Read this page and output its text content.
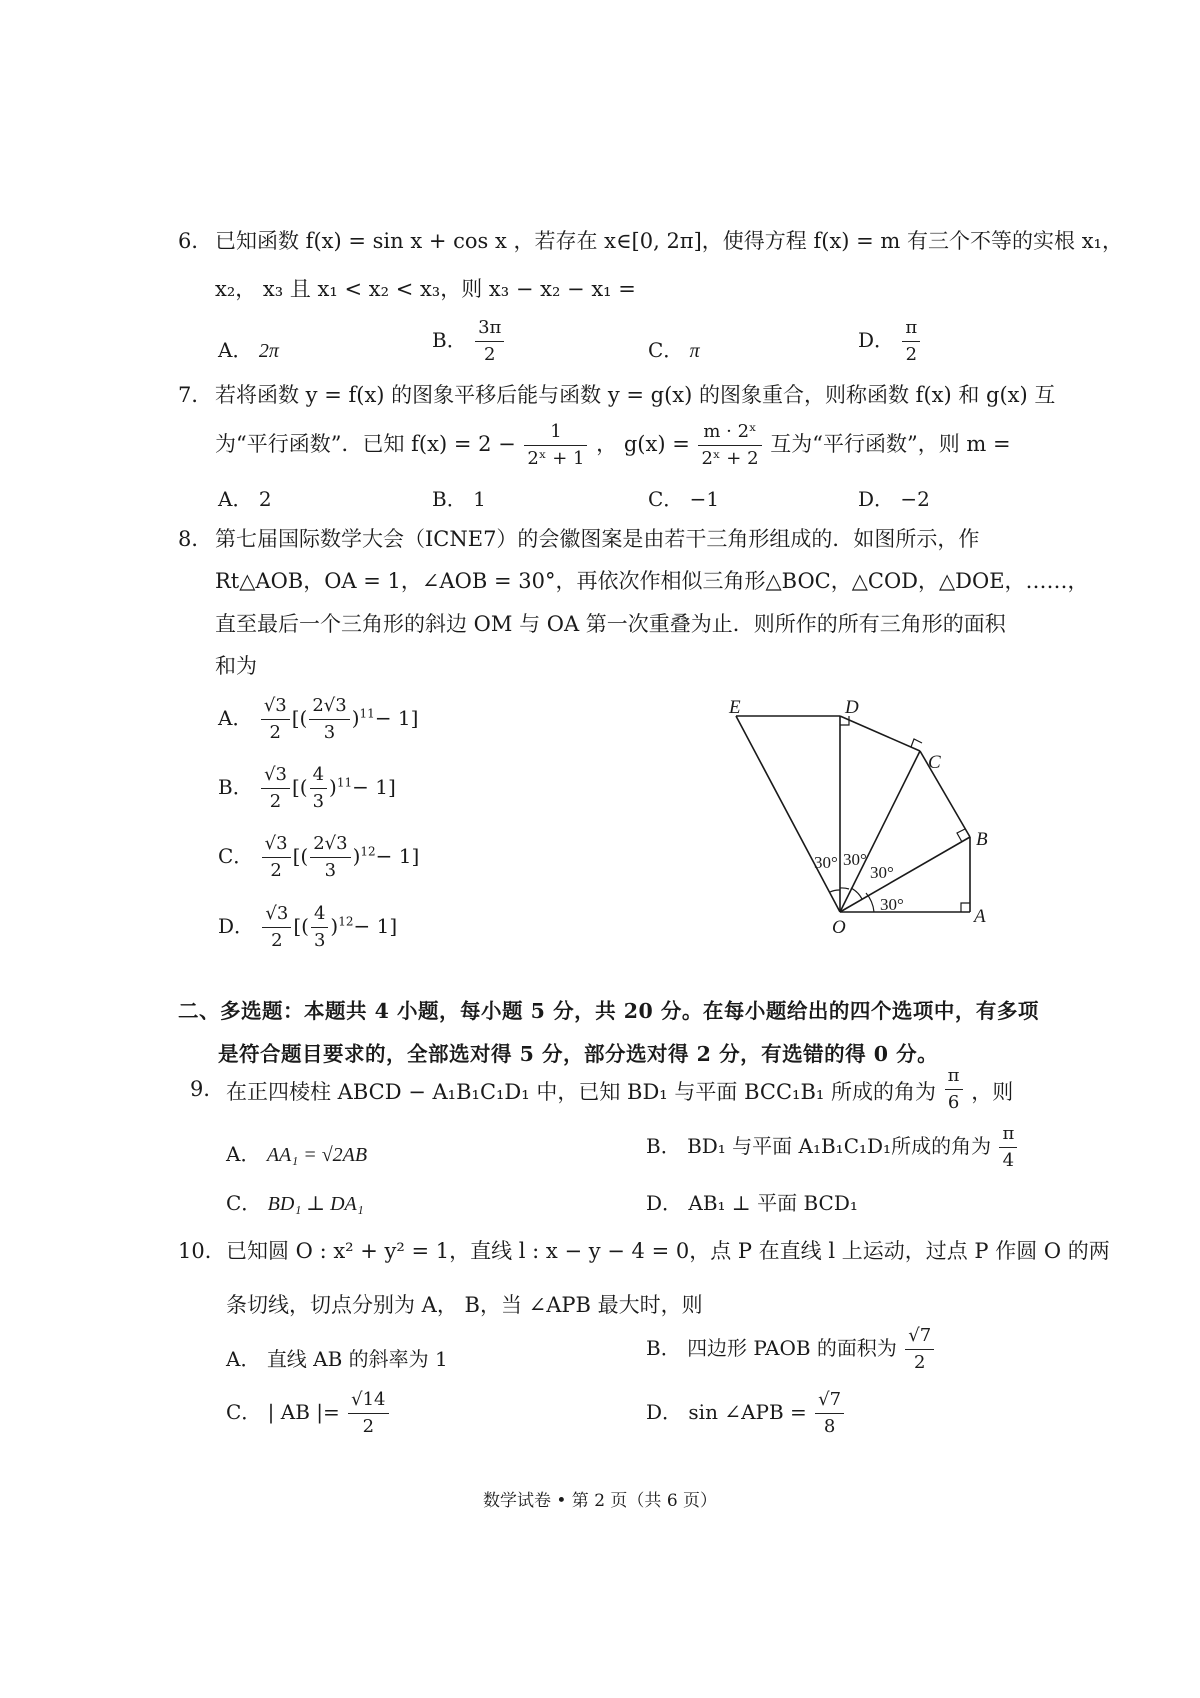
6． 已知函数 f(x) = sin x + cos x ，若存在 x∈[0, 2π]，使得方程 f(x) = m 有三个不等的实根 x₁，
x₂， x₃ 且 x₁ < x₂ < x₃，则 x₃ − x₂ − x₁ =
A． 2π	B． $\frac{3\pi}{2}$	C． π	D． $\frac{\pi}{2}$
7． 若将函数 y = f(x) 的图象平移后能与函数 y = g(x) 的图象重合，则称函数 f(x) 和 g(x) 互
为“平行函数”．已知 $f(x) = 2 - \frac{1}{\text{2ˣ + 1}}$ ， $g(x) = \frac{\text{m · 2ˣ}}{\text{2ˣ + 2}}$ 互为“平行函数”，则 m =
A． 2	B． 1	C． −1	D． −2
8． 第七届国际数学大会（ICNE7）的会徽图案是由若干三角形组成的．如图所示，作
Rt△AOB，OA = 1，∠AOB = 30°，再依次作相似三角形△BOC，△COD，△DOE，……，
直至最后一个三角形的斜边 OM 与 OA 第一次重叠为止．则所作的所有三角形的面积
和为
A． $\frac{√3}{2}$ [( $\frac{2√3}{3} )^{11}- 1$]
B． $\frac{√3}{2}$ [( $\frac{4}{3} )^{11}- 1$]
C． $\frac{√3}{2}$ [( $\frac{2√3}{3} )^{12}- 1$]
D． $\frac{√3}{2}$ [( $\frac{4}{3} )^{12}- 1$]
E	D
C
B
A
O
30°
30°
30°
30°
二、多选题：本题共 4 小题，每小题 5 分，共 20 分。在每小题给出的四个选项中，有多项
是符合题目要求的，全部选对得 5 分，部分选对得 2 分，有选错的得 0 分。
9． 在正四棱柱 ABCD − A₁B₁C₁D₁ 中，已知 BD₁ 与平面 BCC₁B₁ 所成的角为 $\frac{\pi}{6}$ ，则
A． AA₁ = √2AB	B． BD₁ 与平面 A₁B₁C₁D₁所成的角为 $\frac{\pi}{4}$
C． BD₁ ⊥ DA₁	D． AB₁ ⊥ 平面 BCD₁
10． 已知圆 O : x² + y² = 1，直线 l : x − y − 4 = 0，点 P 在直线 l 上运动，过点 P 作圆 O 的两
条切线，切点分别为 A， B，当 ∠APB 最大时，则
A． 直线 AB 的斜率为 1	B． 四边形 PAOB 的面积为 $\frac{√7}{2}$
C． | AB |= $\frac{√14}{2}$	D． sin ∠APB = $\frac{√7}{8}$
数学试卷 • 第 2 页（共 6 页）
